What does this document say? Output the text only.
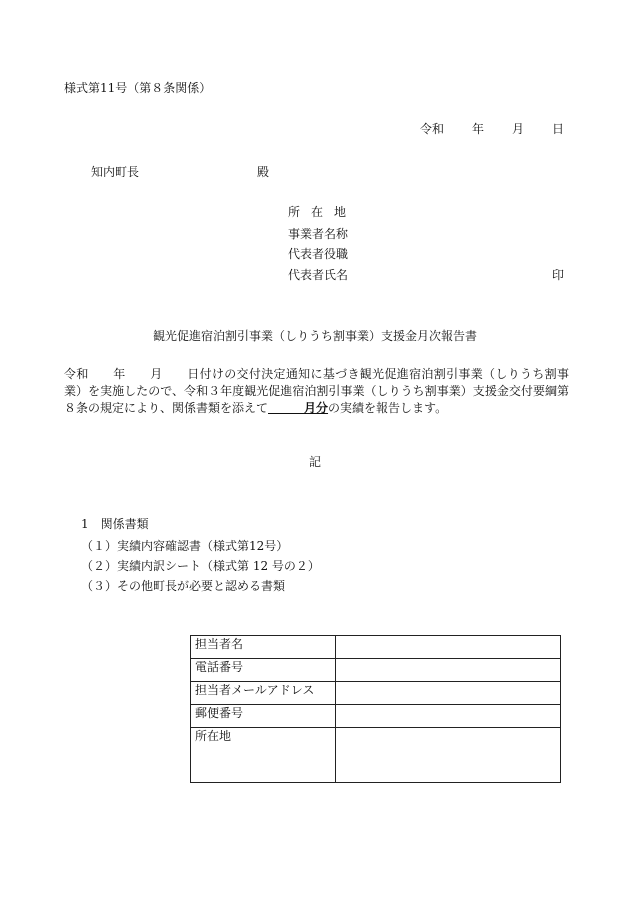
様式第11号（第８条関係）
令和 年 月 日
知内町長	殿
所在地
事業者名称
代表者役職
代表者氏名	印
観光促進宿泊割引事業（しりうち割事業）支援金月次報告書
令和　　年　　月　　日付けの交付決定通知に基づき観光促進宿泊割引事業（しりうち割事業）を実施したので、令和３年度観光促進宿泊割引事業（しりうち割事業）支援金交付要綱第８条の規定により、関係書類を添えて　　　月分の実績を報告します。
記
1　関係書類
（１）実績内容確認書（様式第12号）
（２）実績内訳シート（様式第 12 号の２）
（３）その他町長が必要と認める書類
担当者名	
電話番号	
担当者メールアドレス	
郵便番号	
所在地	
